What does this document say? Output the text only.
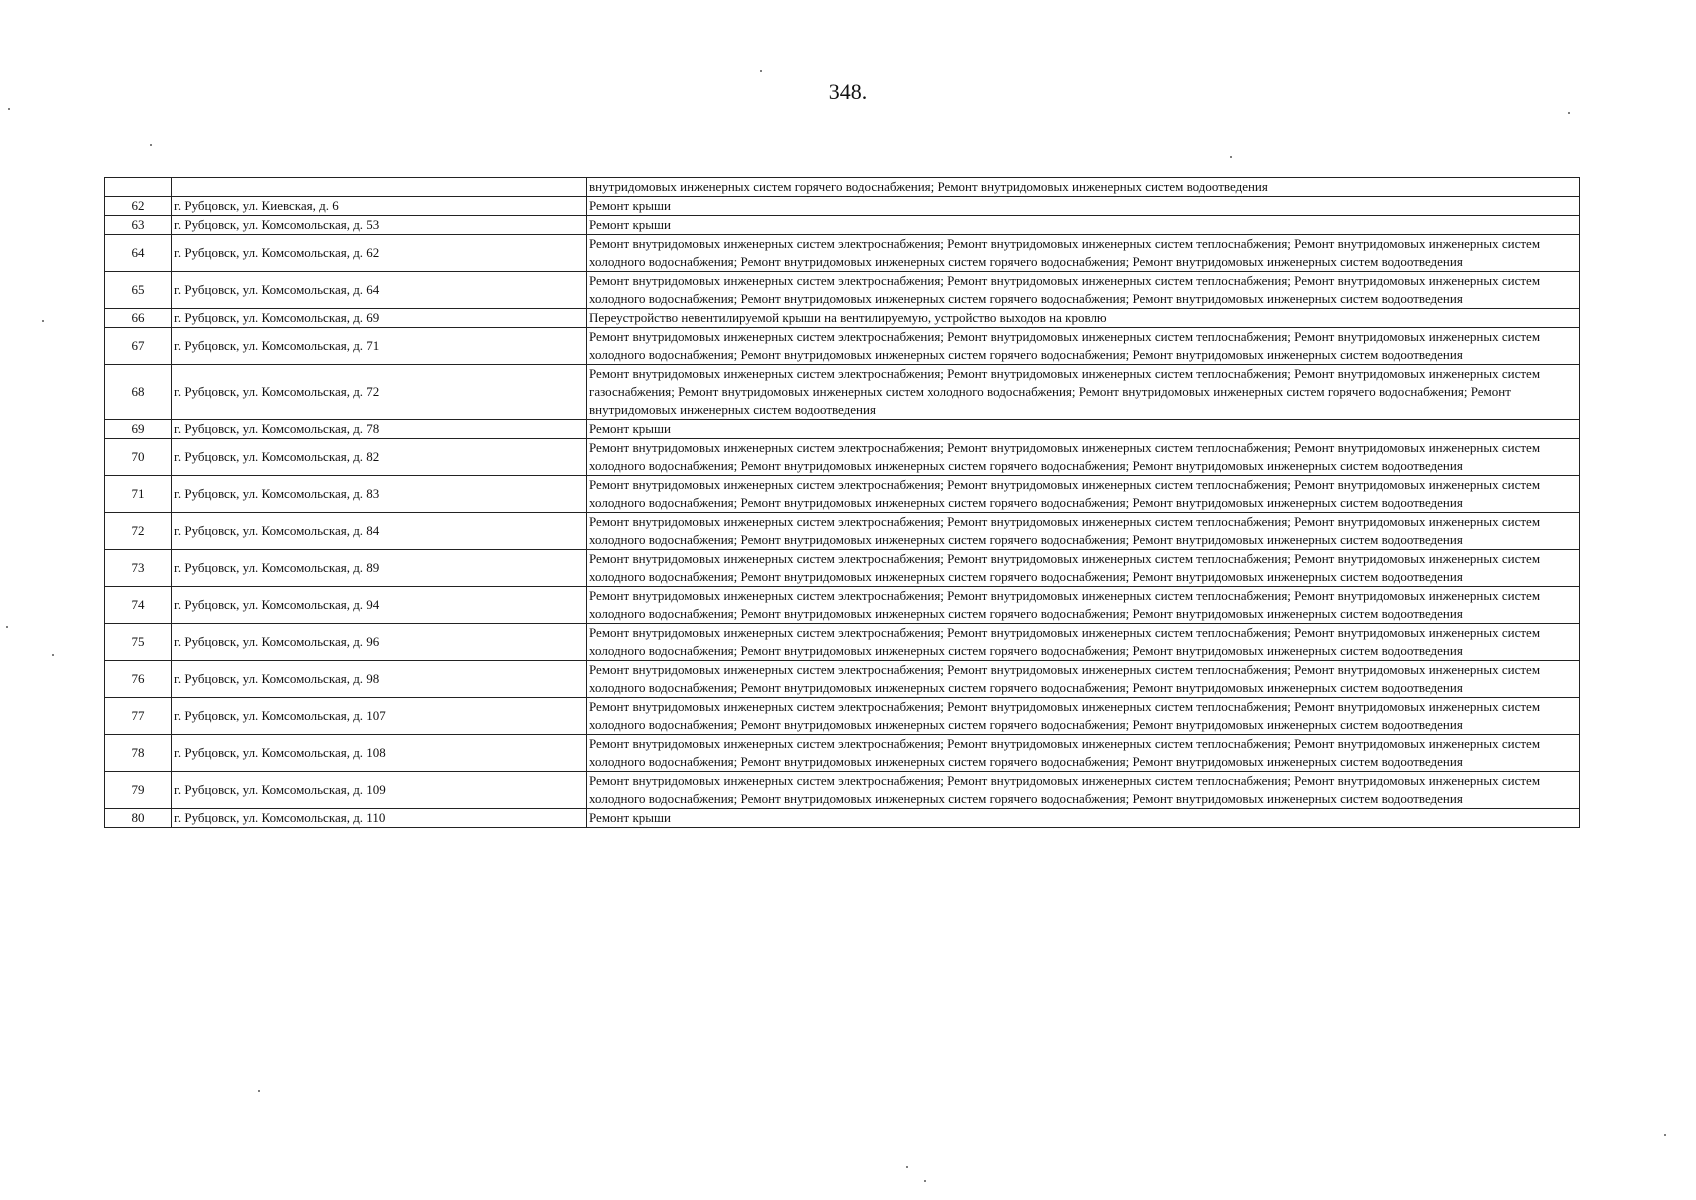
348.
		внутридомовых инженерных систем горячего водоснабжения; Ремонт внутридомовых инженерных систем водоотведения
62	г. Рубцовск, ул. Киевская, д. 6	Ремонт крыши
63	г. Рубцовск, ул. Комсомольская, д. 53	Ремонт крыши
64	г. Рубцовск, ул. Комсомольская, д. 62	Ремонт внутридомовых инженерных систем электроснабжения; Ремонт внутридомовых инженерных систем теплоснабжения; Ремонт внутридомовых инженерных систем холодного водоснабжения; Ремонт внутридомовых инженерных систем горячего водоснабжения; Ремонт внутридомовых инженерных систем водоотведения
65	г. Рубцовск, ул. Комсомольская, д. 64	Ремонт внутридомовых инженерных систем электроснабжения; Ремонт внутридомовых инженерных систем теплоснабжения; Ремонт внутридомовых инженерных систем холодного водоснабжения; Ремонт внутридомовых инженерных систем горячего водоснабжения; Ремонт внутридомовых инженерных систем водоотведения
66	г. Рубцовск, ул. Комсомольская, д. 69	Переустройство невентилируемой крыши на вентилируемую, устройство выходов на кровлю
67	г. Рубцовск, ул. Комсомольская, д. 71	Ремонт внутридомовых инженерных систем электроснабжения; Ремонт внутридомовых инженерных систем теплоснабжения; Ремонт внутридомовых инженерных систем холодного водоснабжения; Ремонт внутридомовых инженерных систем горячего водоснабжения; Ремонт внутридомовых инженерных систем водоотведения
68	г. Рубцовск, ул. Комсомольская, д. 72	Ремонт внутридомовых инженерных систем электроснабжения; Ремонт внутридомовых инженерных систем теплоснабжения; Ремонт внутридомовых инженерных систем газоснабжения; Ремонт внутридомовых инженерных систем холодного водоснабжения; Ремонт внутридомовых инженерных систем горячего водоснабжения; Ремонт внутридомовых инженерных систем водоотведения
69	г. Рубцовск, ул. Комсомольская, д. 78	Ремонт крыши
70	г. Рубцовск, ул. Комсомольская, д. 82	Ремонт внутридомовых инженерных систем электроснабжения; Ремонт внутридомовых инженерных систем теплоснабжения; Ремонт внутридомовых инженерных систем холодного водоснабжения; Ремонт внутридомовых инженерных систем горячего водоснабжения; Ремонт внутридомовых инженерных систем водоотведения
71	г. Рубцовск, ул. Комсомольская, д. 83	Ремонт внутридомовых инженерных систем электроснабжения; Ремонт внутридомовых инженерных систем теплоснабжения; Ремонт внутридомовых инженерных систем холодного водоснабжения; Ремонт внутридомовых инженерных систем горячего водоснабжения; Ремонт внутридомовых инженерных систем водоотведения
72	г. Рубцовск, ул. Комсомольская, д. 84	Ремонт внутридомовых инженерных систем электроснабжения; Ремонт внутридомовых инженерных систем теплоснабжения; Ремонт внутридомовых инженерных систем холодного водоснабжения; Ремонт внутридомовых инженерных систем горячего водоснабжения; Ремонт внутридомовых инженерных систем водоотведения
73	г. Рубцовск, ул. Комсомольская, д. 89	Ремонт внутридомовых инженерных систем электроснабжения; Ремонт внутридомовых инженерных систем теплоснабжения; Ремонт внутридомовых инженерных систем холодного водоснабжения; Ремонт внутридомовых инженерных систем горячего водоснабжения; Ремонт внутридомовых инженерных систем водоотведения
74	г. Рубцовск, ул. Комсомольская, д. 94	Ремонт внутридомовых инженерных систем электроснабжения; Ремонт внутридомовых инженерных систем теплоснабжения; Ремонт внутридомовых инженерных систем холодного водоснабжения; Ремонт внутридомовых инженерных систем горячего водоснабжения; Ремонт внутридомовых инженерных систем водоотведения
75	г. Рубцовск, ул. Комсомольская, д. 96	Ремонт внутридомовых инженерных систем электроснабжения; Ремонт внутридомовых инженерных систем теплоснабжения; Ремонт внутридомовых инженерных систем холодного водоснабжения; Ремонт внутридомовых инженерных систем горячего водоснабжения; Ремонт внутридомовых инженерных систем водоотведения
76	г. Рубцовск, ул. Комсомольская, д. 98	Ремонт внутридомовых инженерных систем электроснабжения; Ремонт внутридомовых инженерных систем теплоснабжения; Ремонт внутридомовых инженерных систем холодного водоснабжения; Ремонт внутридомовых инженерных систем горячего водоснабжения; Ремонт внутридомовых инженерных систем водоотведения
77	г. Рубцовск, ул. Комсомольская, д. 107	Ремонт внутридомовых инженерных систем электроснабжения; Ремонт внутридомовых инженерных систем теплоснабжения; Ремонт внутридомовых инженерных систем холодного водоснабжения; Ремонт внутридомовых инженерных систем горячего водоснабжения; Ремонт внутридомовых инженерных систем водоотведения
78	г. Рубцовск, ул. Комсомольская, д. 108	Ремонт внутридомовых инженерных систем электроснабжения; Ремонт внутридомовых инженерных систем теплоснабжения; Ремонт внутридомовых инженерных систем холодного водоснабжения; Ремонт внутридомовых инженерных систем горячего водоснабжения; Ремонт внутридомовых инженерных систем водоотведения
79	г. Рубцовск, ул. Комсомольская, д. 109	Ремонт внутридомовых инженерных систем электроснабжения; Ремонт внутридомовых инженерных систем теплоснабжения; Ремонт внутридомовых инженерных систем холодного водоснабжения; Ремонт внутридомовых инженерных систем горячего водоснабжения; Ремонт внутридомовых инженерных систем водоотведения
80	г. Рубцовск, ул. Комсомольская, д. 110	Ремонт крыши
